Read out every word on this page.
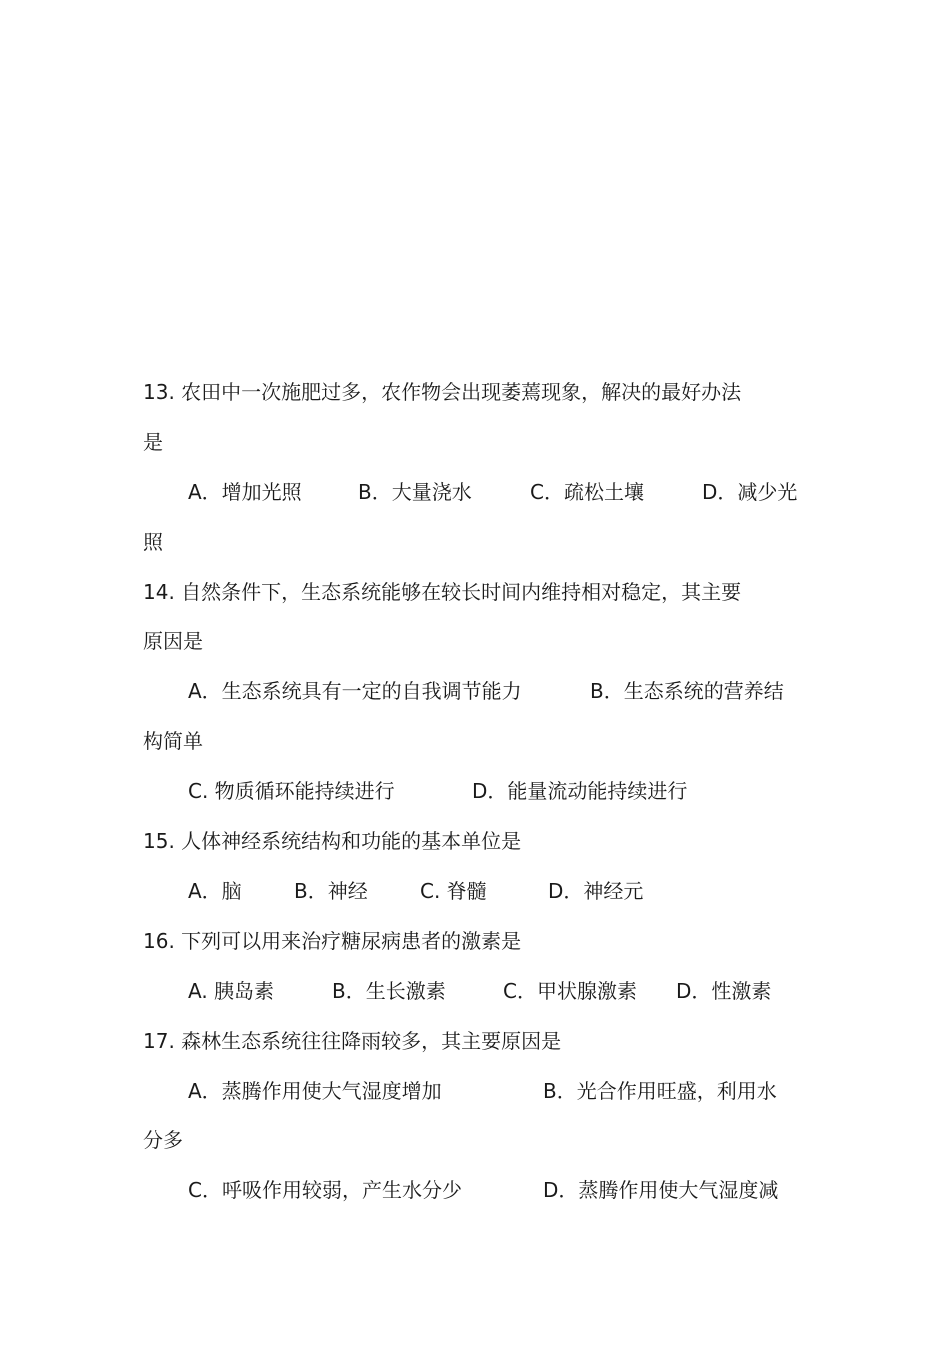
13. 农田中一次施肥过多，农作物会出现萎蔫现象，解决的最好办法
是
A．增加光照	B．大量浇水	C．疏松土壤	D．减少光
照
14. 自然条件下，生态系统能够在较长时间内维持相对稳定，其主要
原因是
A．生态系统具有一定的自我调节能力	B．生态系统的营养结
构简单
C. 物质循环能持续进行	D．能量流动能持续进行
15. 人体神经系统结构和功能的基本单位是
A．脑	B．神经	C. 脊髓	D．神经元
16. 下列可以用来治疗糖尿病患者的激素是
A. 胰岛素	B．生长激素	C．甲状腺激素 D．性激素
17. 森林生态系统往往降雨较多，其主要原因是
A．蒸腾作用使大气湿度增加	B．光合作用旺盛，利用水
分多
C．呼吸作用较弱，产生水分少	D．蒸腾作用使大气湿度减
